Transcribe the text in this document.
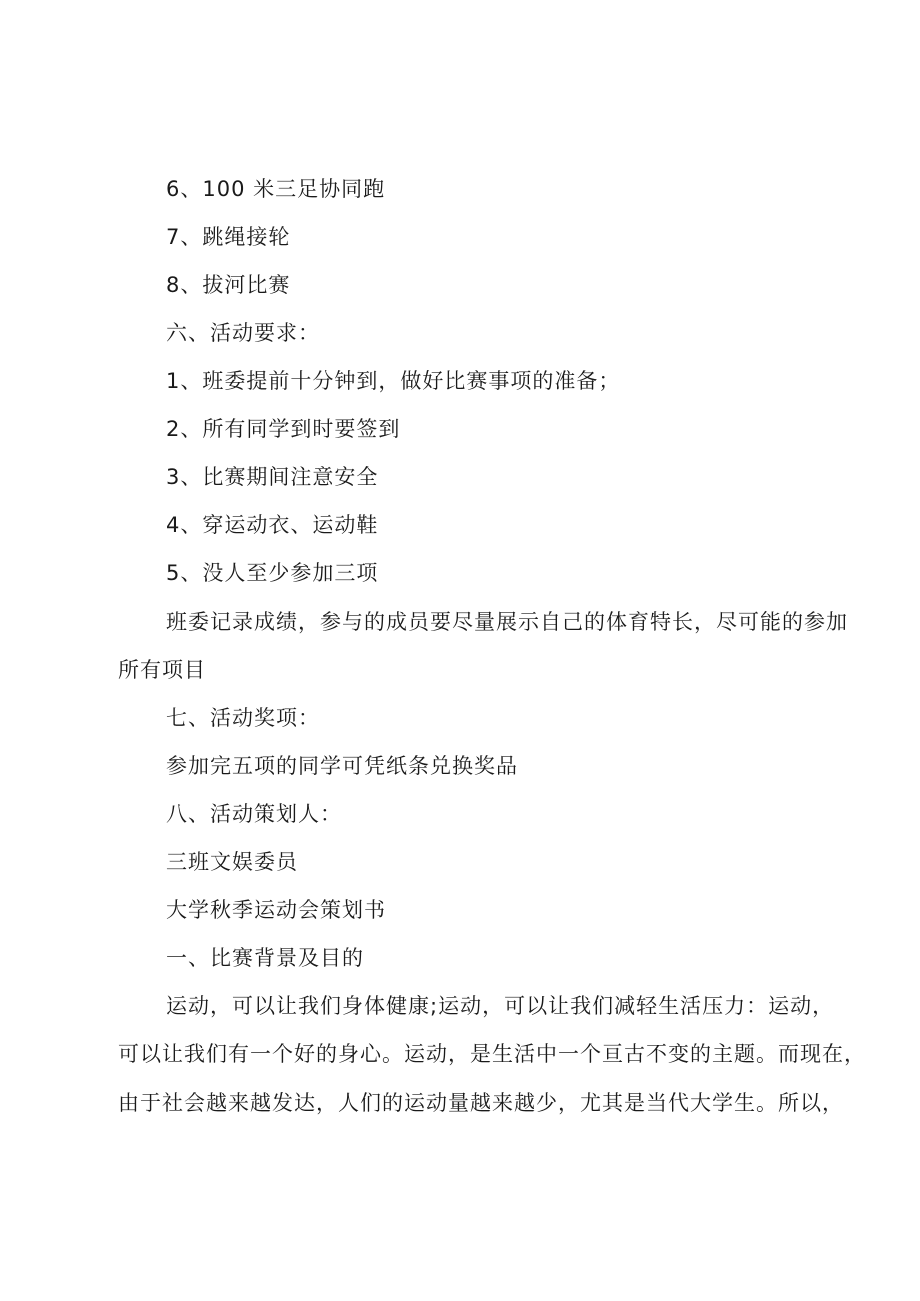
6、100 米三足协同跑
7、跳绳接轮
8、拔河比赛
六、活动要求：
1、班委提前十分钟到，做好比赛事项的准备；
2、所有同学到时要签到
3、比赛期间注意安全
4、穿运动衣、运动鞋
5、没人至少参加三项
班委记录成绩，参与的成员要尽量展示自己的体育特长，尽可能的参加
所有项目
七、活动奖项：
参加完五项的同学可凭纸条兑换奖品
八、活动策划人：
三班文娱委员
大学秋季运动会策划书
一、比赛背景及目的
运动，可以让我们身体健康;运动，可以让我们减轻生活压力：运动，
可以让我们有一个好的身心。运动，是生活中一个亘古不变的主题。而现在，
由于社会越来越发达，人们的运动量越来越少，尤其是当代大学生。所以，
